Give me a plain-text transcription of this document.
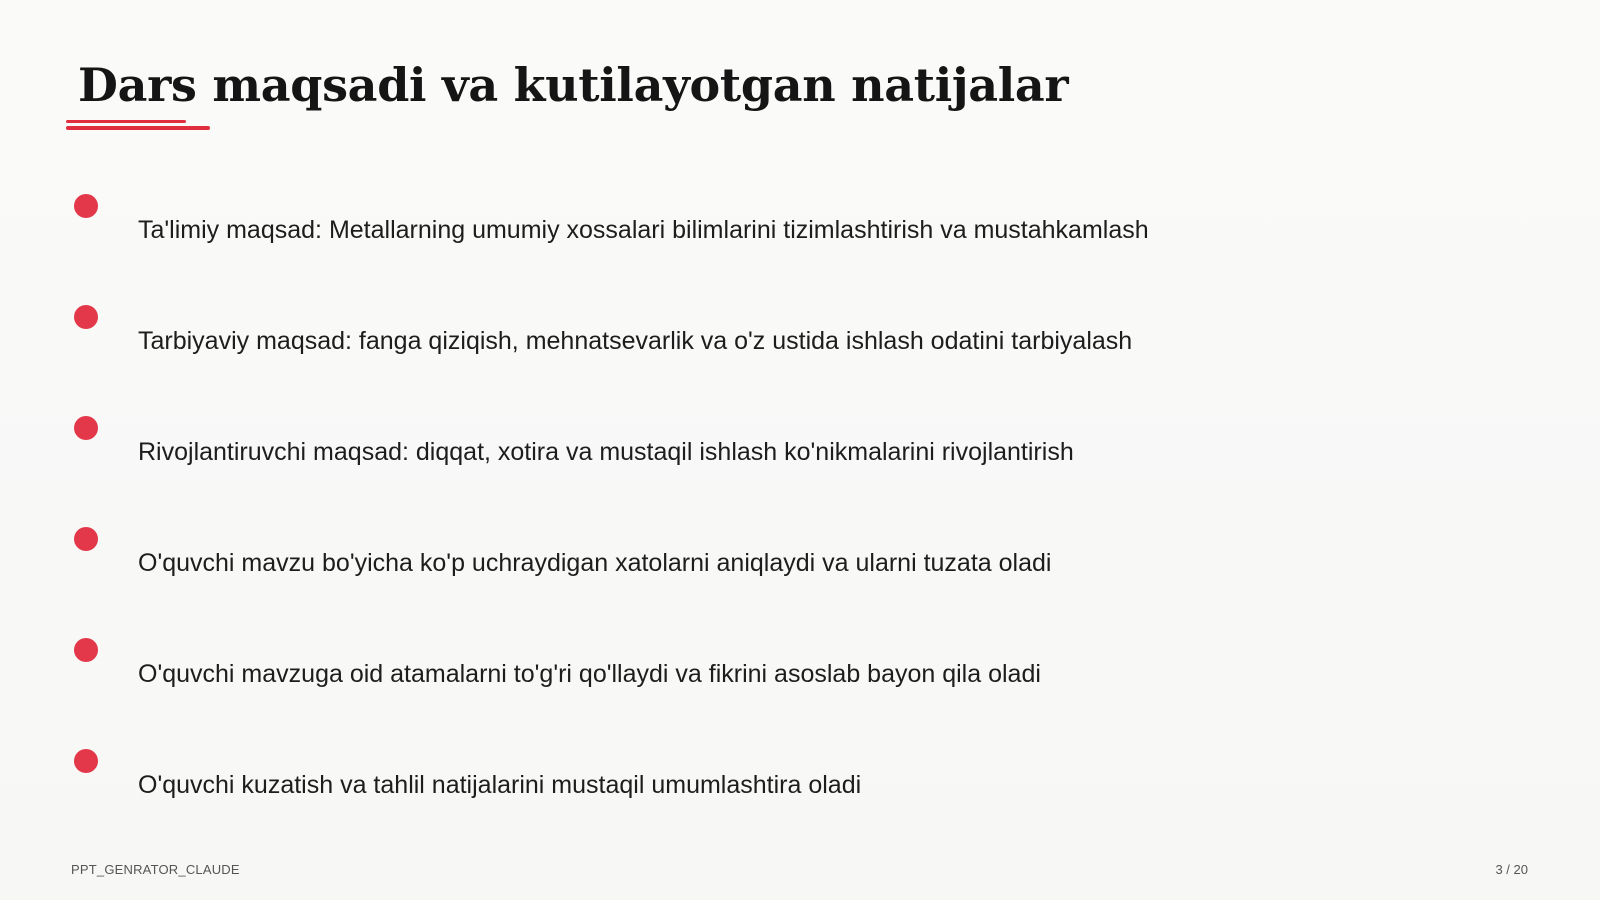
Dars maqsadi va kutilayotgan natijalar
Ta'limiy maqsad: Metallarning umumiy xossalari bilimlarini tizimlashtirish va mustahkamlash
Tarbiyaviy maqsad: fanga qiziqish, mehnatsevarlik va o'z ustida ishlash odatini tarbiyalash
Rivojlantiruvchi maqsad: diqqat, xotira va mustaqil ishlash ko'nikmalarini rivojlantirish
O'quvchi mavzu bo'yicha ko'p uchraydigan xatolarni aniqlaydi va ularni tuzata oladi
O'quvchi mavzuga oid atamalarni to'g'ri qo'llaydi va fikrini asoslab bayon qila oladi
O'quvchi kuzatish va tahlil natijalarini mustaqil umumlashtira oladi
PPT_GENRATOR_CLAUDE	3 / 20
